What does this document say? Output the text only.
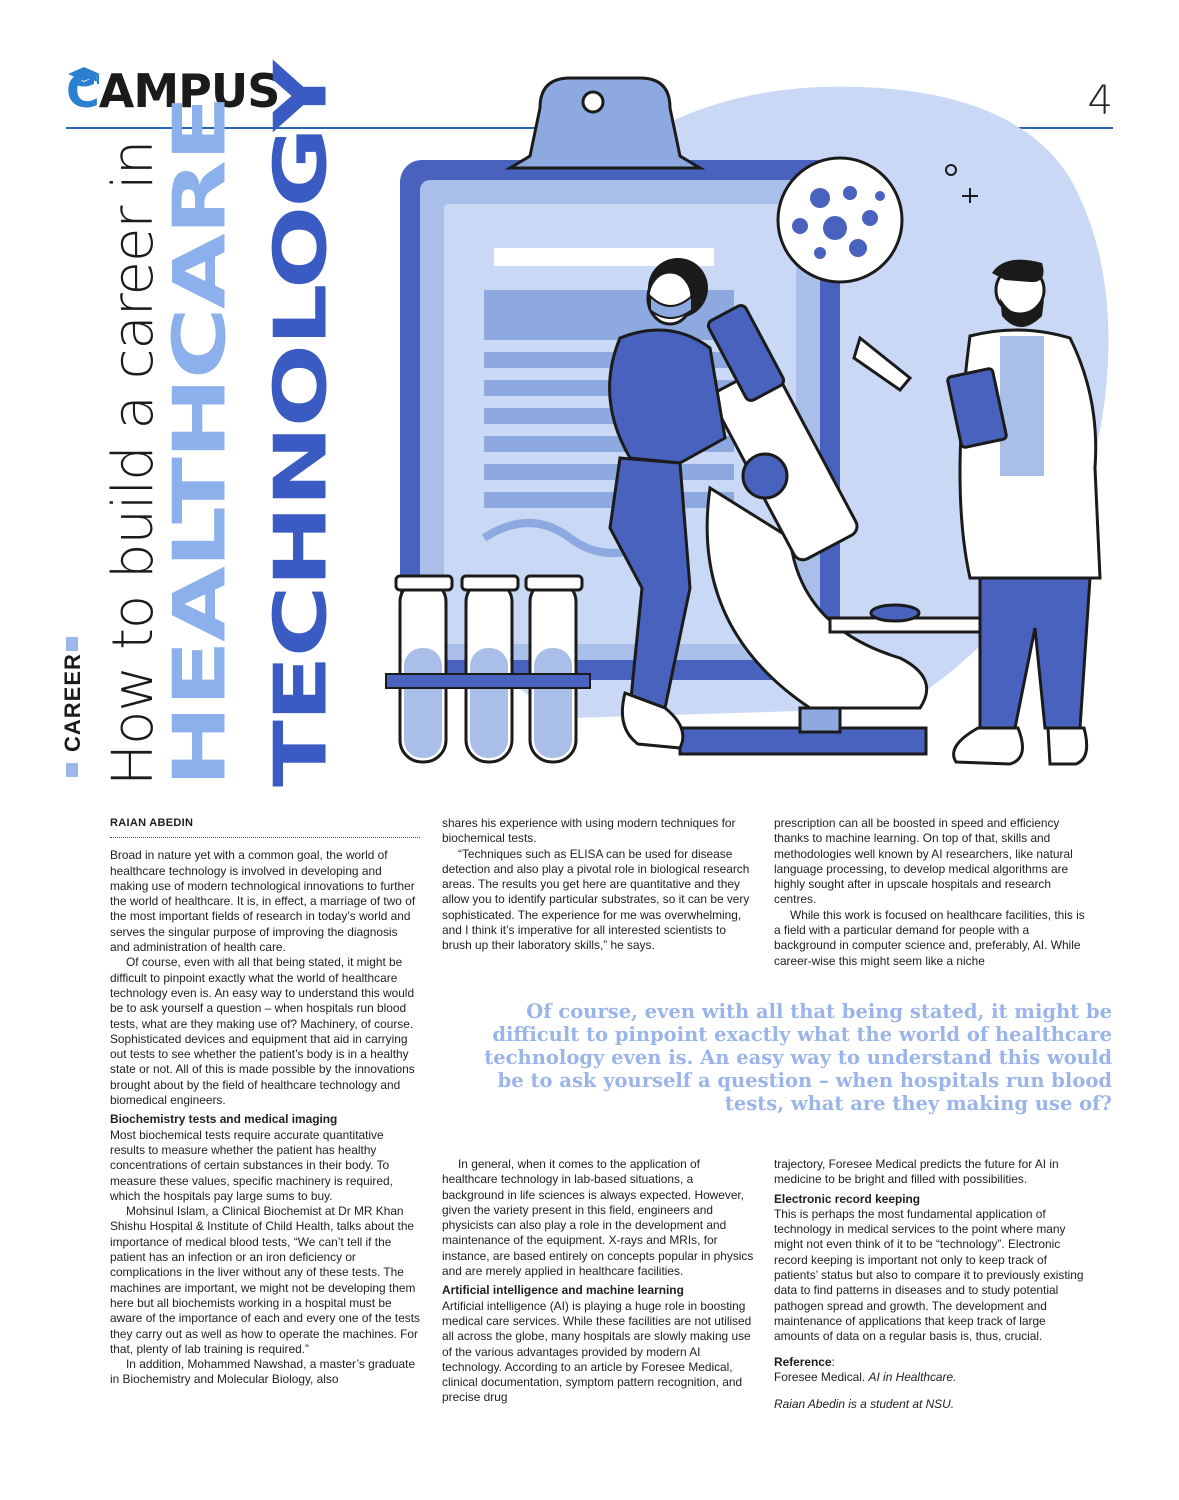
CAMPUS	4
CAREER How to build a career in
HEALTHCARE TECHNOLOGY

RAIAN ABEDIN

Broad in nature yet with a common goal, the world of healthcare technology is involved in developing and making use of modern technological innovations to further the world of healthcare. It is, in effect, a marriage of two of the most important fields of research in today’s world and serves the singular purpose of improving the diagnosis and administration of health care.

Of course, even with all that being stated, it might be difficult to pinpoint exactly what the world of healthcare technology even is. An easy way to understand this would be to ask yourself a question – when hospitals run blood tests, what are they making use of? Machinery, of course. Sophisticated devices and equipment that aid in carrying out tests to see whether the patient’s body is in a healthy state or not. All of this is made possible by the innovations brought about by the field of healthcare technology and biomedical engineers.

Biochemistry tests and medical imaging

Most biochemical tests require accurate quantitative results to measure whether the patient has healthy concentrations of certain substances in their body. To measure these values, specific machinery is required, which the hospitals pay large sums to buy.

Mohsinul Islam, a Clinical Biochemist at Dr MR Khan Shishu Hospital & Institute of Child Health, talks about the importance of medical blood tests, “We can’t tell if the patient has an infection or an iron deficiency or complications in the liver without any of these tests. The machines are important, we might not be developing them here but all biochemists working in a hospital must be aware of the importance of each and every one of the tests they carry out as well as how to operate the machines. For that, plenty of lab training is required.”

In addition, Mohammed Nawshad, a master’s graduate in Biochemistry and Molecular Biology, also

shares his experience with using modern techniques for biochemical tests.

“Techniques such as ELISA can be used for disease detection and also play a pivotal role in biological research areas. The results you get here are quantitative and they allow you to identify particular substrates, so it can be very sophisticated. The experience for me was overwhelming, and I think it’s imperative for all interested scientists to brush up their laboratory skills,” he says.

In general, when it comes to the application of healthcare technology in lab-based situations, a background in life sciences is always expected. However, given the variety present in this field, engineers and physicists can also play a role in the development and maintenance of the equipment. X-rays and MRIs, for instance, are based entirely on concepts popular in physics and are merely applied in healthcare facilities.

Artificial intelligence and machine learning

Artificial intelligence (AI) is playing a huge role in boosting medical care services. While these facilities are not utilised all across the globe, many hospitals are slowly making use of the various advantages provided by modern AI technology. According to an article by Foresee Medical, clinical documentation, symptom pattern recognition, and precise drug

prescription can all be boosted in speed and efficiency thanks to machine learning. On top of that, skills and methodologies well known by AI researchers, like natural language processing, to develop medical algorithms are highly sought after in upscale hospitals and research centres.

While this work is focused on healthcare facilities, this is a field with a particular demand for people with a background in computer science and, preferably, AI. While career-wise this might seem like a niche

trajectory, Foresee Medical predicts the future for AI in medicine to be bright and filled with possibilities.

Electronic record keeping

This is perhaps the most fundamental application of technology in medical services to the point where many might not even think of it to be “technology”. Electronic record keeping is important not only to keep track of patients’ status but also to compare it to previously existing data to find patterns in diseases and to study potential pathogen spread and growth. The development and maintenance of applications that keep track of large amounts of data on a regular basis is, thus, crucial.

Reference:

Foresee Medical. AI in Healthcare.

Raian Abedin is a student at NSU.

Of course, even with all that being stated, it might be difficult to pinpoint exactly what the world of healthcare technology even is. An easy way to understand this would be to ask yourself a question – when hospitals run blood tests, what are they making use of?
